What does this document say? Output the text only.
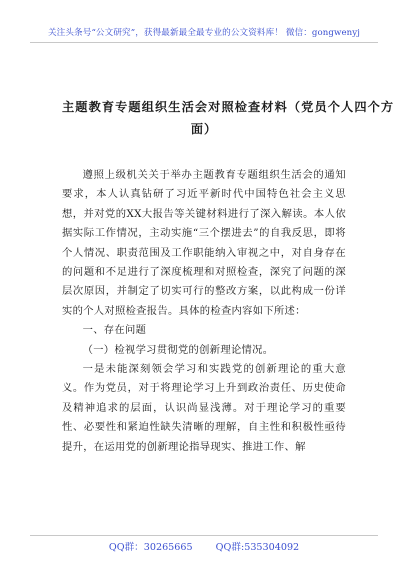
关注头条号“公文研究”，获得最新最全最专业的公文资料库！ 微信：gongwenyj
主题教育专题组织生活会对照检查材料（党员个人四个方
面）

遵照上级机关关于举办主题教育专题组织生活会的通知要求，本人认真钻研了习近平新时代中国特色社会主义思想，并对党的XX大报告等关键材料进行了深入解读。本人依据实际工作情况，主动实施“三个摆进去”的自我反思，即将个人情况、职责范围及工作职能纳入审视之中，对自身存在的问题和不足进行了深度梳理和对照检查，深究了问题的深层次原因，并制定了切实可行的整改方案，以此构成一份详实的个人对照检查报告。具体的检查内容如下所述：

一、存在问题
（一）检视学习贯彻党的创新理论情况。

一是未能深刻领会学习和实践党的创新理论的重大意义。作为党员，对于将理论学习上升到政治责任、历史使命及精神追求的层面，认识尚显浅薄。对于理论学习的重要性、必要性和紧迫性缺失清晰的理解，自主性和积极性亟待提升，在运用党的创新理论指导现实、推进工作、解

QQ群：30265665 QQ群:535304092
